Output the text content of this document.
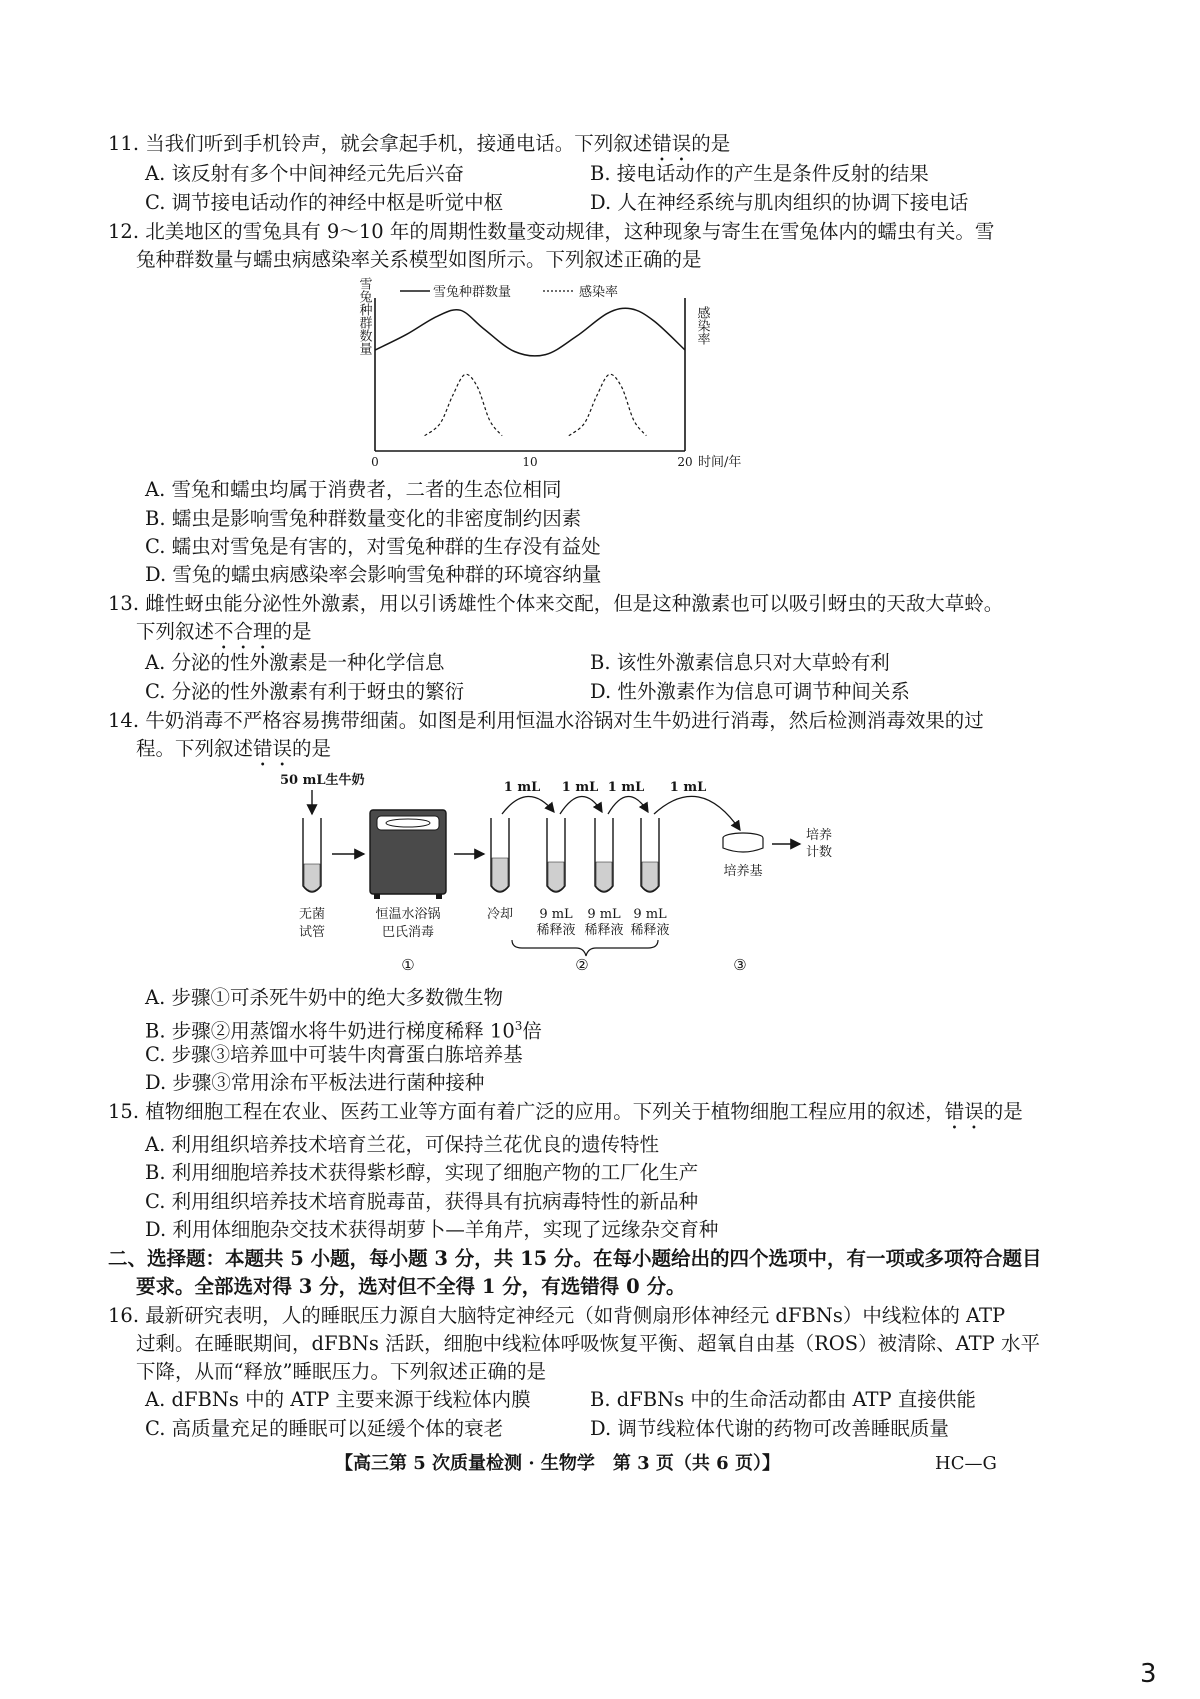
11. 当我们听到手机铃声，就会拿起手机，接通电话。下列叙述错误的是
A. 该反射有多个中间神经元先后兴奋	B. 接电话动作的产生是条件反射的结果
C. 调节接电话动作的神经中枢是听觉中枢	D. 人在神经系统与肌肉组织的协调下接电话
12. 北美地区的雪兔具有 9～10 年的周期性数量变动规律，这种现象与寄生在雪兔体内的蠕虫有关。雪
兔种群数量与蠕虫病感染率关系模型如图所示。下列叙述正确的是
雪兔种群数量	感染率
雪兔种群数量	感染率
0	10	20 时间/年
A. 雪兔和蠕虫均属于消费者，二者的生态位相同
B. 蠕虫是影响雪兔种群数量变化的非密度制约因素
C. 蠕虫对雪兔是有害的，对雪兔种群的生存没有益处
D. 雪兔的蠕虫病感染率会影响雪兔种群的环境容纳量
13. 雌性蚜虫能分泌性外激素，用以引诱雄性个体来交配，但是这种激素也可以吸引蚜虫的天敌大草蛉。
下列叙述不合理的是
A. 分泌的性外激素是一种化学信息	B. 该性外激素信息只对大草蛉有利
C. 分泌的性外激素有利于蚜虫的繁衍	D. 性外激素作为信息可调节种间关系
14. 牛奶消毒不严格容易携带细菌。如图是利用恒温水浴锅对生牛奶进行消毒，然后检测消毒效果的过
程。下列叙述错误的是
50 mL生牛奶
无菌
试管
恒温水浴锅
巴氏消毒
冷却
1 mL 1 mL 1 mL 1 mL
9 mL
稀释液
9 mL
稀释液
9 mL
稀释液
培养基
培养
计数
①	②	③
A. 步骤①可杀死牛奶中的绝大多数微生物
B. 步骤②用蒸馏水将牛奶进行梯度稀释 $10^3$倍
C. 步骤③培养皿中可装牛肉膏蛋白胨培养基
D. 步骤③常用涂布平板法进行菌种接种
15. 植物细胞工程在农业、医药工业等方面有着广泛的应用。下列关于植物细胞工程应用的叙述，错误的是
A. 利用组织培养技术培育兰花，可保持兰花优良的遗传特性
B. 利用细胞培养技术获得紫杉醇，实现了细胞产物的工厂化生产
C. 利用组织培养技术培育脱毒苗，获得具有抗病毒特性的新品种
D. 利用体细胞杂交技术获得胡萝卜—羊角芹，实现了远缘杂交育种
二、选择题：本题共 5 小题，每小题 3 分，共 15 分。在每小题给出的四个选项中，有一项或多项符合题目
要求。全部选对得 3 分，选对但不全得 1 分，有选错得 0 分。
16. 最新研究表明，人的睡眠压力源自大脑特定神经元（如背侧扇形体神经元 dFBNs）中线粒体的 ATP
过剩。在睡眠期间，dFBNs 活跃，细胞中线粒体呼吸恢复平衡、超氧自由基（ROS）被清除、ATP 水平
下降，从而“释放”睡眠压力。下列叙述正确的是
A. dFBNs 中的 ATP 主要来源于线粒体内膜	B. dFBNs 中的生命活动都由 ATP 直接供能
C. 高质量充足的睡眠可以延缓个体的衰老	D. 调节线粒体代谢的药物可改善睡眠质量
【高三第 5 次质量检测 · 生物学　第 3 页（共 6 页）】	HC—G
3
